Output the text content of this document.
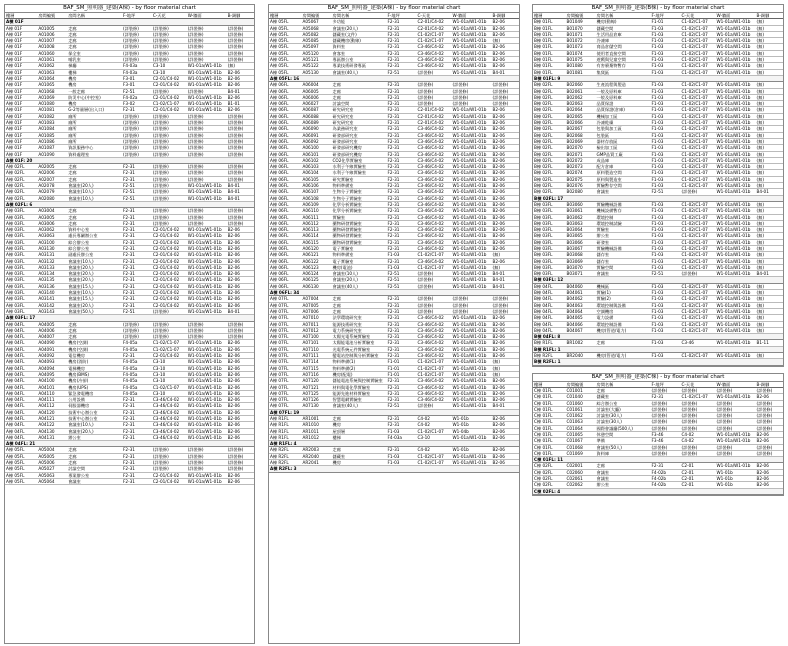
BAF_SM_照明器_建築(A棟) - by floor material chart
樓層	房間編號	房間名稱	F-地坪	C-天花	W-牆面	B-踢腳
A棟 01F						
A棟 01F	A01005	走廊	(詳裝修)	(詳裝修)	(詳裝修)	(詳裝修)
A棟 01F	A01006	走廊	(詳裝修)	(詳裝修)	(詳裝修)	(詳裝修)
A棟 01F	A01007	走廊	(詳裝修)	(詳裝修)	(詳裝修)	(詳裝修)
A棟 01F	A01008	走廊	(詳裝修)	(詳裝修)	(詳裝修)	(詳裝修)
A棟 01F	A01060	保全室	(詳裝修)	(詳裝修)	(詳裝修)	(詳裝修)
A棟 01F	A01061	哺乳室	(詳裝修)	(詳裝修)	(詳裝修)	(詳裝修)
A棟 01F	A01062	梯廳	F4-03a	C3-10	W1-01a/W1-01b	(無)
A棟 01F	A01063	樓梯	F4-03a	C3-10	W1-01a/W1-01b	B2-06
A棟 01F	A01064	機房	F3-01	C2-01/C4-02	W1-01a/W1-01b	B2-06
A棟 01F	A01065	機房	F3-01	C2-01/C4-02	W1-01a/W1-01b	B2-06
A棟 01F	A01068	一般走廊	F2-51	(詳裝修)	(詳裝修)	B4-01
A棟 01F	A01069	防災中心(中控室)	F4-02a	C2-01/C4-02	W1-01a/W1-01b	B2-06
A棟 01F	A01080	機房	F3-02	C1-02/C1-07	W1-01a/W1-01b	B1-01
A棟 01F	A01081	G-2等量層(出入口)	F2-31	C2-01/C4-02	W1-01a/W1-01b	B2-06
A棟 01F	A01082	廁所	(詳裝修)	(詳裝修)	(詳裝修)	(詳裝修)
A棟 01F	A01083	廁所	(詳裝修)	(詳裝修)	(詳裝修)	(詳裝修)
A棟 01F	A01084	廁所	(詳裝修)	(詳裝修)	(詳裝修)	(詳裝修)
A棟 01F	A01085	廁所	(詳裝修)	(詳裝修)	(詳裝修)	(詳裝修)
A棟 01F	A01086	廁所	(詳裝修)	(詳裝修)	(詳裝修)	(詳裝修)
A棟 01F	A01087	資訊服務中心	(詳裝修)	(詳裝修)	(詳裝修)	(詳裝修)
A棟 01F	A01090	資料處理室	(詳裝修)	(詳裝修)	(詳裝修)	(詳裝修)
A棟 01F: 20						
A棟 02FL	A02005	走廊	F2-31	(詳裝修)	(詳裝修)	(詳裝修)
A棟 02FL	A02006	走廊	F2-31	(詳裝修)	(詳裝修)	(詳裝修)
A棟 02FL	A02007	走廊	F2-31	(詳裝修)	(詳裝修)	(詳裝修)
A棟 02FL	A02078	會議室(20人)	F2-51	(詳裝修)	W1-01a/W1-01b	B4-01
A棟 02FL	A02079	會議室(10人)	F2-51	(詳裝修)	W1-01a/W1-01b	B4-01
A棟 02FL	A02080	會議室(10人)	F2-51	(詳裝修)	W1-01a/W1-01b	B4-01
A棟 02FL: 6						
A棟 03FL	A03004	走廊	F2-31	(詳裝修)	(詳裝修)	(詳裝修)
A棟 03FL	A03005	走廊	F2-31	(詳裝修)	(詳裝修)	(詳裝修)
A棟 03FL	A03006	走廊	F2-31	(詳裝修)	(詳裝修)	(詳裝修)
A棟 03FL	A03062	資料中心室	F2-31	C2-01/C4-02	W1-01a/W1-01b	B2-06
A棟 03FL	A03063	處長專屬辦公室	F2-31	C2-01/C4-02	W1-01a/W1-01b	B2-06
A棟 03FL	A03100	綜合辦公室	F2-31	C2-01/C4-02	W1-01a/W1-01b	B2-06
A棟 03FL	A03130	綜合辦公室	F2-31	C2-01/C4-02	W1-01a/W1-01b	B2-06
A棟 03FL	A03131	副處長辦公室	F2-31	C2-01/C4-02	W1-01a/W1-01b	B2-06
A棟 03FL	A03132	會議室(10人)	F2-31	C2-01/C4-02	W1-01a/W1-01b	B2-06
A棟 03FL	A03133	會議室(20人)	F2-31	C2-01/C4-02	W1-01a/W1-01b	B2-06
A棟 03FL	A03134	會議室(20人)	F2-31	C2-01/C4-02	W1-01a/W1-01b	B2-06
A棟 03FL	A03135	會議室(20人)	F2-31	C2-01/C4-02	W1-01a/W1-01b	B2-06
A棟 03FL	A03136	會議室(15人)	F2-31	C2-01/C4-02	W1-01a/W1-01b	B2-06
A棟 03FL	A03140	會議室(10人)	F2-31	C2-01/C4-02	W1-01a/W1-01b	B2-06
A棟 03FL	A03141	會議室(15人)	F2-31	C2-01/C4-02	W1-01a/W1-01b	B2-06
A棟 03FL	A03142	會議室(20人)	F2-31	C2-01/C4-02	W1-01a/W1-01b	B2-06
A棟 03FL	A03143	會議室(50人)	F2-51	(詳裝修)	W1-01a/W1-01b	B4-01
A棟 03FL: 17						
A棟 04FL	A04005	走廊	(詳裝修)	(詳裝修)	(詳裝修)	(詳裝修)
A棟 04FL	A04006	走廊	(詳裝修)	(詳裝修)	(詳裝修)	(詳裝修)
A棟 04FL	A04007	走廊	(詳裝修)	(詳裝修)	(詳裝修)	(詳裝修)
A棟 04FL	A04090	機房(空調)	F4-05a	C1-02/C1-07	W1-01a/W1-01b	B2-06
A棟 04FL	A04091	機房(空調)	F4-05a	C1-02/C1-07	W1-01a/W1-01b	B2-06
A棟 04FL	A04092	電信機房	F2-31	C2-01/C4-02	W1-01a/W1-01b	B2-06
A棟 04FL	A04093	機房(消防)	F4-05a	C3-10	W1-01a/W1-01b	B2-06
A棟 04FL	A04094	電梯機房	F4-05a	C3-10	W1-01a/W1-01b	B2-06
A棟 04FL	A04095	機房(BMS)	F4-05a	C3-10	W1-01a/W1-01b	B2-06
A棟 04FL	A04100	機房(冷卻)	F4-05a	C3-10	W1-01a/W1-01b	B2-06
A棟 04FL	A04101	機房(UPS)	F4-05a	C1-02/C1-07	W1-01a/W1-01b	B2-06
A棟 04FL	A04110	緊急發電機房	F4-05a	C3-10	W1-01a/W1-01b	B2-06
A棟 04FL	A04111	公用設備	F2-31	C3-46/C4-02	W1-01a/W1-01b	B2-06
A棟 04FL	A04112	伺服器機房	F2-31	C3-46/C4-02	W1-01a/W1-01b	B2-06
A棟 04FL	A04120	技術中心辦公室	F2-31	C3-46/C4-02	W1-01a/W1-01b	B2-06
A棟 04FL	A04121	技術中心辦公室	F2-31	C3-46/C4-02	W1-01a/W1-01b	B2-06
A棟 04FL	A04122	會議室(10人)	F2-31	C3-46/C4-02	W1-01a/W1-01b	B2-06
A棟 04FL	A04130	會議室(20人)	F2-31	C3-46/C4-02	W1-01a/W1-01b	B2-06
A棟 04FL	A04131	辦公室	F2-31	C3-46/C4-02	W1-01a/W1-01b	B2-06
A棟 04FL: 21						
A棟 05FL	A05004	走廊	F2-31	(詳裝修)	(詳裝修)	(詳裝修)
A棟 05FL	A05005	走廊	F2-31	(詳裝修)	(詳裝修)	(詳裝修)
A棟 05FL	A05006	走廊	F2-31	(詳裝修)	(詳裝修)	(詳裝修)
A棟 05FL	A05027	討論空間	F2-31	(詳裝修)	(詳裝修)	(詳裝修)
A棟 05FL	A05063	專案辦公室	F2-31	C2-01/C4-02	W1-01a/W1-01b	B2-06
A棟 05FL	A05064	會議室	F2-31	C2-01/C4-02	W1-01a/W1-01b	B2-06
BAF_SM_照明器_建築(A棟) - by floor material chart
樓層	房間編號	房間名稱	F-地坪	C-天花	W-牆面	B-踢腳
A棟 05FL	A05067	多功能	F2-31	C2-01/C4-02	W1-01a/W1-01b	B2-06
A棟 05FL	A05068	會議室(20人)	F2-31	C2-01/C4-02	W1-01a/W1-01b	B2-06
A棟 05FL	A05082	儲藏室(文件)	F2-31	C1-02/C1-07	W1-01a/W1-01b	B2-06
A棟 05FL	A05085	儲藏機房(動線)	F2-31	C1-02/C1-07	W1-01a/W1-01b	(無)
A棟 05FL	A05097	資料室	F2-31	C3-46/C4-02	W1-01a/W1-01b	B2-06
A棟 05FL	A05120	會客室	F2-31	C3-46/C4-02	W1-01a/W1-01b	B2-06
A棟 05FL	A05121	專區辦公室	F2-31	C3-46/C4-02	W1-01a/W1-01b	B2-06
A棟 05FL	A05122	專業技術研發專區	F2-31	C3-46/C4-02	W1-01a/W1-01b	B2-06
A棟 05FL	A05130	會議室(40人)	F2-51	(詳裝修)	W1-01a/W1-01b	B4-01
A棟 05FL: 16						
A棟 06FL	A06004	走廊	F2-31	(詳裝修)	(詳裝修)	(詳裝修)
A棟 06FL	A06005	走廊	F2-31	(詳裝修)	(詳裝修)	(詳裝修)
A棟 06FL	A06006	走廊	F2-31	(詳裝修)	(詳裝修)	(詳裝修)
A棟 06FL	A06027	討論空間	F2-31	(詳裝修)	(詳裝修)	(詳裝修)
A棟 06FL	A06087	研究研究室	F2-31	C2-01/C4-02	W1-01a/W1-01b	B2-06
A棟 06FL	A06088	研究研究室	F2-31	C2-01/C4-02	W1-01a/W1-01b	B2-06
A棟 06FL	A06089	研究研究室	F2-31	C2-01/C4-02	W1-01a/W1-01b	B2-06
A棟 06FL	A06090	為業務研究室	F2-31	C3-46/C4-02	W1-01a/W1-01b	B2-06
A棟 06FL	A06091	研發部研究室	F2-31	C3-46/C4-02	W1-01a/W1-01b	B2-06
A棟 06FL	A06092	研發部研究室	F2-31	C3-46/C4-02	W1-01a/W1-01b	B2-06
A棟 06FL	A06100	研發部研究機房	F2-31	C3-46/C4-02	W1-01a/W1-01b	B2-06
A棟 06FL	A06101	研發部研究機房	F2-31	C3-46/C4-02	W1-01a/W1-01b	B2-06
A棟 06FL	A06102	CO2化學實驗室	F2-31	C3-46/C4-02	W1-01a/W1-01b	B2-06
A棟 06FL	A06103	水利子午線實驗室	F2-31	C3-46/C4-02	W1-01a/W1-01b	B2-06
A棟 06FL	A06104	水利子午線實驗室	F2-31	C3-46/C4-02	W1-01a/W1-01b	B2-06
A棟 06FL	A06105	研究實驗室	F2-31	C3-46/C4-02	W1-01a/W1-01b	B2-06
A棟 06FL	A06106	物料準備室	F2-31	C3-46/C4-02	W1-01a/W1-01b	B2-06
A棟 06FL	A06107	生物分子實驗室	F2-31	C3-46/C4-02	W1-01a/W1-01b	B2-06
A棟 06FL	A06108	生物分子實驗室	F2-31	C3-46/C4-02	W1-01a/W1-01b	B2-06
A棟 06FL	A06109	化學分析實驗室	F2-31	C3-46/C4-02	W1-01a/W1-01b	B2-06
A棟 06FL	A06110	化學分析實驗室	F2-31	C3-46/C4-02	W1-01a/W1-01b	B2-06
A棟 06FL	A06111	實驗室	F2-31	C3-46/C4-02	W1-01a/W1-01b	B2-06
A棟 06FL	A06112	藥物研發實驗室	F2-31	C3-46/C4-02	W1-01a/W1-01b	B2-06
A棟 06FL	A06113	藥物研發實驗室	F2-31	C3-46/C4-02	W1-01a/W1-01b	B2-06
A棟 06FL	A06114	藥物研發實驗室	F2-31	C3-46/C4-02	W1-01a/W1-01b	B2-06
A棟 06FL	A06115	藥物研發實驗室	F2-31	C3-46/C4-02	W1-01a/W1-01b	B2-06
A棟 06FL	A06120	電子實驗室	F2-31	C3-46/C4-02	W1-01a/W1-01b	B2-06
A棟 06FL	A06121	物料準備室	F1-03	C1-02/C1-07	W1-01a/W1-01b	(無)
A棟 06FL	A06122	電子實驗室	F2-31	C3-46/C4-02	W1-01a/W1-01b	B2-06
A棟 06FL	A06123	機房(電池)	F1-03	C1-02/C1-07	W1-01a/W1-01b	(無)
A棟 06FL	A06124	會議室(10人)	F2-51	(詳裝修)	W1-01a/W1-01b	B4-01
A棟 06FL	A06125	會議室(20人)	F2-51	(詳裝修)	W1-01a/W1-01b	B4-01
A棟 06FL	A06130	會議室(40人)	F2-51	(詳裝修)	W1-01a/W1-01b	B4-01
A棟 06FL: 34						
A棟 07FL	A07004	走廊	F2-31	(詳裝修)	(詳裝修)	(詳裝修)
A棟 07FL	A07005	走廊	F2-31	(詳裝修)	(詳裝修)	(詳裝修)
A棟 07FL	A07006	走廊	F2-31	(詳裝修)	(詳裝修)	(詳裝修)
A棟 07FL	A07010	法學環境研究室	F2-31	C3-46/C4-02	W1-01a/W1-01b	B2-06
A棟 07FL	A07011	能源技術研究室	F2-31	C3-46/C4-02	W1-01a/W1-01b	B2-06
A棟 07FL	A07012	電力系統研究室	F2-31	C3-46/C4-02	W1-01a/W1-01b	B2-06
A棟 07FL	A07100	太陽光電系統實驗室	F2-31	C3-46/C4-02	W1-01a/W1-01b	B2-06
A棟 07FL	A07101	太陽能電池分析實驗室	F2-31	C3-46/C4-02	W1-01a/W1-01b	B2-06
A棟 07FL	A07110	光電系統元件實驗室	F2-31	C3-46/C4-02	W1-01a/W1-01b	B2-06
A棟 07FL	A07111	變電站控制與分析實驗室	F2-31	C3-46/C4-02	W1-01a/W1-01b	B2-06
A棟 07FL	A07114	物料準備(1)	F1-01	C1-02/C1-07	W1-01a/W1-01b	(無)
A棟 07FL	A07115	物料準備(2)	F1-01	C1-02/C1-07	W1-01a/W1-01b	(無)
A棟 07FL	A07116	機房(配電)	F1-01	C1-02/C1-07	W1-01a/W1-01b	(無)
A棟 07FL	A07120	儲能電池系統與控制實驗室	F2-31	C3-46/C4-02	W1-01a/W1-01b	B2-06
A棟 07FL	A07121	材料與電化學實驗室	F2-31	C3-46/C4-02	W1-01a/W1-01b	B2-06
A棟 07FL	A07125	能源先進材料實驗室	F2-31	C3-46/C4-02	W1-01a/W1-01b	B2-06
A棟 07FL	A07126	智慧電網實驗室	F2-31	C3-46/C4-02	W1-01a/W1-01b	B2-06
A棟 07FL	A07130	會議室(40人)	F2-51	(詳裝修)	W1-01a/W1-01b	B4-01
A棟 07FL: 19						
A棟 R1FL	AR1001	走廊	F2-31	C4-02	W1-01b	B2-06
A棟 R1FL	AR1010	機房	F2-31	C4-02	W1-01b	B2-06
A棟 R1FL	AR1011	屋頂層	F1-03	C1-02/C1-07	W1-04b	B2-06
A棟 R1FL	AR1012	樓梯	F4-03a	C3-10	W1-01a/W1-01b	B2-06
A棟 R1FL: 4						
A棟 R2FL	AR2003	走廊	F2-31	C4-02	W1-01b	B2-06
A棟 R2FL	AR2040	儲藏室	F1-03	C1-02/C1-07	W1-01a/W1-01b	B2-06
A棟 R2FL	AR2041	機房	F1-03	C1-02/C1-07	W1-01a/W1-01b	B2-06
A棟 R2FL: 3						
BAF_SM_照明器_建築(B棟) - by floor material chart
樓層	房間編號	房間名稱	F-地坪	C-天花	W-牆面	B-踢腳
B棟 01FL	B01049	機房(動線)	F1-01	C1-02/C1-07	W1-01a/W1-01b	(無)
B棟 01FL	B01070	儲藏空間	F1-03	C1-02/C1-07	W1-01a/W1-01b	(無)
B棟 01FL	B01071	生活用品倉庫	F1-03	C1-02/C1-07	W1-01a/W1-01b	(無)
B棟 01FL	B01072	冷凍庫	F1-03	C1-02/C1-07	W1-01a/W1-01b	(無)
B棟 01FL	B01073	商品倉儲空間	F1-03	C1-02/C1-07	W1-01a/W1-01b	(無)
B棟 01FL	B01074	使用者直接空間	F1-03	C1-02/C1-07	W1-01a/W1-01b	(無)
B棟 01FL	B01075	遊戲與兒童空間	F1-03	C1-02/C1-07	W1-01a/W1-01b	(無)
B棟 01FL	B01080	有害廢棄物暫存	F1-03	C1-02/C1-07	W1-01a/W1-01b	(無)
B棟 01FL	B01081	集貨區	F1-03	C1-02/C1-07	W1-01a/W1-01b	(無)
B棟 01FL: 9						
B棟 02FL	B02060	生產流程與製造	F1-03	C1-02/C1-07	W1-01a/W1-01b	(無)
B棟 02FL	B02061	一般及原料庫	F1-03	C1-02/C1-07	W1-01a/W1-01b	(無)
B棟 02FL	B02062	一般及原料庫	F1-03	C1-02/C1-07	W1-01a/W1-01b	(無)
B棟 02FL	B02063	品質保證	F1-03	C1-02/C1-07	W1-01a/W1-01b	(無)
B棟 02FL	B02064	品質保證(倉庫)	F1-03	C1-02/C1-07	W1-01a/W1-01b	(無)
B棟 02FL	B02065	機械加工區	F1-03	C1-02/C1-07	W1-01a/W1-01b	(無)
B棟 02FL	B02066	冷凍乾燥	F1-03	C1-02/C1-07	W1-01a/W1-01b	(無)
B棟 02FL	B02067	包裝與加工區	F1-03	C1-02/C1-07	W1-01a/W1-01b	(無)
B棟 02FL	B02068	包裝區	F1-03	C1-02/C1-07	W1-01a/W1-01b	(無)
B棟 02FL	B02069	器材存放區	F1-03	C1-02/C1-07	W1-01a/W1-01b	(無)
B棟 02FL	B02070	檢出加工區	F1-03	C1-02/C1-07	W1-01a/W1-01b	(無)
B棟 02FL	B02071	GMP品質工廠	F1-03	C1-02/C1-07	W1-01a/W1-01b	(無)
B棟 02FL	B02072	成品庫	F1-03	C1-02/C1-07	W1-01a/W1-01b	(無)
B棟 02FL	B02073	配方倉庫	F1-03	C1-02/C1-07	W1-01a/W1-01b	(無)
B棟 02FL	B02074	原料製造空間	F1-03	C1-02/C1-07	W1-01a/W1-01b	(無)
B棟 02FL	B02075	原料與製造室	F1-03	C1-02/C1-07	W1-01a/W1-01b	(無)
B棟 02FL	B02076	實驗暫存空間	F1-03	C1-02/C1-07	W1-01a/W1-01b	(無)
B棟 02FL	B02080	會議室	F2-51	(詳裝修)	W1-01a/W1-01b	B4-01
B棟 02FL: 17						
B棟 03FL	B03060	實驗機械設備	F1-03	C1-02/C1-07	W1-01a/W1-01b	(無)
B棟 03FL	B03061	機械設備暫存	F1-03	C1-02/C1-07	W1-01a/W1-01b	(無)
B棟 03FL	B03062	環境控制	F1-03	C1-02/C1-07	W1-01a/W1-01b	(無)
B棟 03FL	B03063	環境控制試驗	F1-03	C1-02/C1-07	W1-01a/W1-01b	(無)
B棟 03FL	B03064	實驗室	F1-03	C1-02/C1-07	W1-01a/W1-01b	(無)
B棟 03FL	B03065	辦公室	F1-03	C1-02/C1-07	W1-01a/W1-01b	(無)
B棟 03FL	B03066	研發室	F1-03	C1-02/C1-07	W1-01a/W1-01b	(無)
B棟 03FL	B03067	實驗機械設備	F1-03	C1-02/C1-07	W1-01a/W1-01b	(無)
B棟 03FL	B03068	儲存室	F1-03	C1-02/C1-07	W1-01a/W1-01b	(無)
B棟 03FL	B03069	儲存室	F1-03	C1-02/C1-07	W1-01a/W1-01b	(無)
B棟 03FL	B03070	實驗空間	F1-03	C1-02/C1-07	W1-01a/W1-01b	(無)
B棟 03FL	B03071	會議室	F2-51	(詳裝修)	W1-01a/W1-01b	B4-01
B棟 03FL: 12						
B棟 04FL	B04060	機械區	F1-03	C1-02/C1-07	W1-01a/W1-01b	(無)
B棟 04FL	B04061	實驗(1)	F1-03	C1-02/C1-07	W1-01a/W1-01b	(無)
B棟 04FL	B04062	實驗(2)	F1-03	C1-02/C1-07	W1-01a/W1-01b	(無)
B棟 04FL	B04063	環境控制與設備	F1-03	C1-02/C1-07	W1-01a/W1-01b	(無)
B棟 04FL	B04064	空調機房	F1-03	C1-02/C1-07	W1-01a/W1-01b	(無)
B棟 04FL	B04065	電力設備	F1-03	C1-02/C1-07	W1-01a/W1-01b	(無)
B棟 04FL	B04066	環境控制設備	F1-03	C1-02/C1-07	W1-01a/W1-01b	(無)
B棟 04FL	B04067	機房(管道/電力)	F1-03	C1-02/C1-07	W1-01a/W1-01b	(無)
B棟 04FL: 8						
B棟 R1FL	BR1002	走廊	F1-03	C3-46	W1-01a/W1-01b	B1-11
B棟 R1FL: 1						
B棟 R2FL	BR2040	機房(管道/電力)	F1-03	C1-02/C1-07	W1-01a/W1-01b	(無)
B棟 R2FL: 1						
BAF_SM_照明器_建築(C棟) - by floor material chart
樓層	房間編號	房間名稱	F-地坪	C-天花	W-牆面	B-踢腳
C棟 01FL	C01001	走廊	(詳裝修)	(詳裝修)	(詳裝修)	(詳裝修)
C棟 01FL	C01040	儲藏室	F2-31	C1-02/C1-07	W1-01a/W1-01b	B2-06
C棟 01FL	C01060	綜合辦公室	(詳裝修)	(詳裝修)	(詳裝修)	(詳裝修)
C棟 01FL	C01061	討論室(大廳)	(詳裝修)	(詳裝修)	(詳裝修)	(詳裝修)
C棟 01FL	C01062	討論室(30人)	(詳裝修)	(詳裝修)	(詳裝修)	(詳裝修)
C棟 01FL	C01063	討論室(30人)	(詳裝修)	(詳裝修)	(詳裝修)	(詳裝修)
C棟 01FL	C01064	國際會議廳(500人)	(詳裝修)	(詳裝修)	(詳裝修)	(詳裝修)
C棟 01FL	C01065	休憩空間	F3-46	C4-02	W1-01a/W1-01b	B2-06
C棟 01FL	C01067	準備	F3-46	C4-02	W1-01a/W1-01b	B2-06
C棟 01FL	C01068	會議室(50人)	(詳裝修)	(詳裝修)	(詳裝修)	(詳裝修)
C棟 01FL	C01069	資料庫	(詳裝修)	(詳裝修)	(詳裝修)	(詳裝修)
C棟 01FL: 11						
C棟 02FL	C02001	走廊	F2-31	C2-01	W1-01a/W1-01b	B2-06
C棟 02FL	C02060	會議室	F4-02b	C2-01	W1-01b	B2-06
C棟 02FL	C02061	會議室	F4-02b	C2-01	W1-01b	B2-06
C棟 02FL	C02062	辦公室	F4-02b	C2-01	W1-01b	B2-06
C棟 02FL: 4						
